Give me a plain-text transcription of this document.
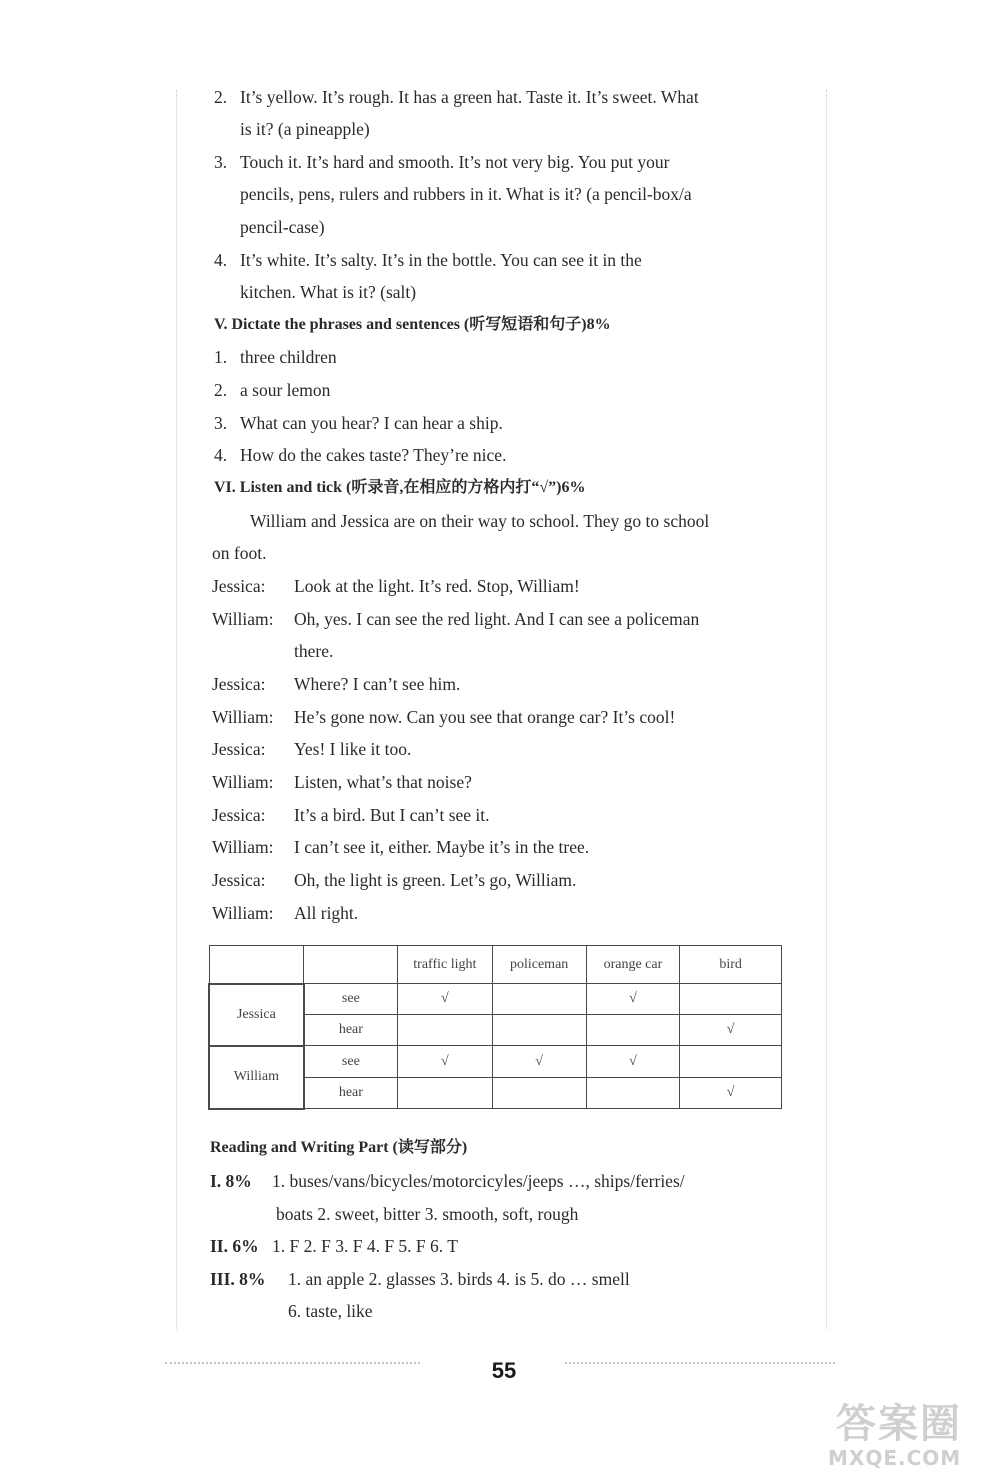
2. It’s yellow. It’s rough. It has a green hat. Taste it. It’s sweet. What
is it? (a pineapple)
3. Touch it. It’s hard and smooth. It’s not very big. You put your
pencils, pens, rulers and rubbers in it. What is it? (a pencil-box/a
pencil-case)
4. It’s white. It’s salty. It’s in the bottle. You can see it in the
kitchen. What is it? (salt)
V. Dictate the phrases and sentences (听写短语和句子)8%
1. three children
2. a sour lemon
3. What can you hear? I can hear a ship.
4. How do the cakes taste? They’re nice.
VI. Listen and tick (听录音,在相应的方格内打“√”)6%
William and Jessica are on their way to school. They go to school
on foot.
Jessica: Look at the light. It’s red. Stop, William!
William: Oh, yes. I can see the red light. And I can see a policeman
there.
Jessica: Where? I can’t see him.
William: He’s gone now. Can you see that orange car? It’s cool!
Jessica: Yes! I like it too.
William: Listen, what’s that noise?
Jessica: It’s a bird. But I can’t see it.
William: I can’t see it, either. Maybe it’s in the tree.
Jessica: Oh, the light is green. Let’s go, William.
William: All right.
		traffic light	policeman	orange car	bird
Jessica	see	√		√	
	hear				√
William	see	√	√	√	
	hear				√
Reading and Writing Part (读写部分)
I. 8% 1. buses/vans/bicycles/motorcicyles/jeeps …, ships/ferries/
boats 2. sweet, bitter 3. smooth, soft, rough
II. 6% 1. F 2. F 3. F 4. F 5. F 6. T
III. 8% 1. an apple 2. glasses 3. birds 4. is 5. do … smell
6. taste, like
55
答案圈
MXQE.COM
